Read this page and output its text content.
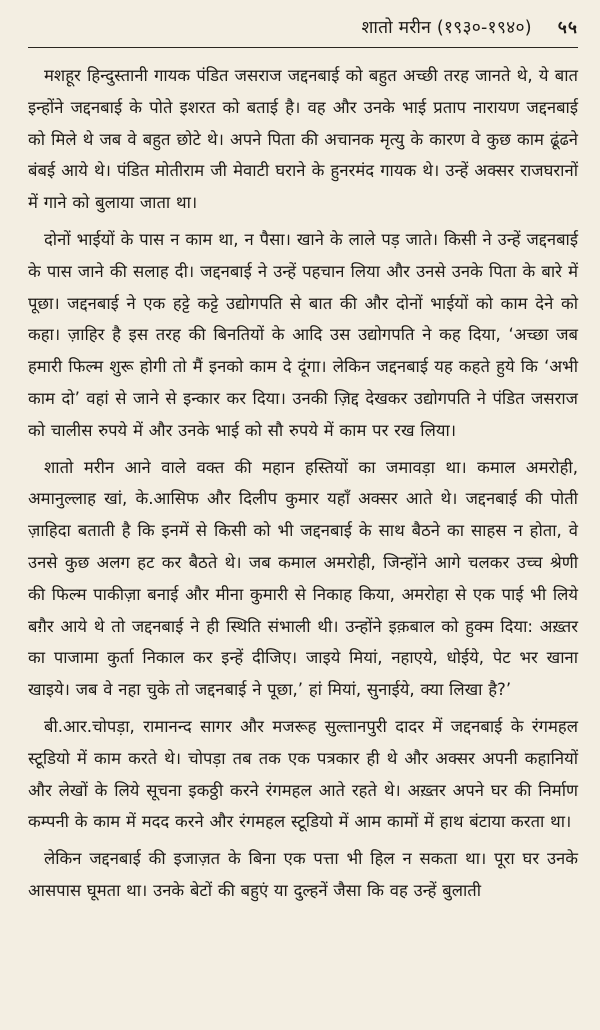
शातो मरीन (१९३०-१९४०) ५५

मशहूर हिन्दुस्तानी गायक पंडित जसराज जद्दनबाई को बहुत अच्छी तरह जानते थे, ये बात इन्होंने जद्दनबाई के पोते इशरत को बताई है। वह और उनके भाई प्रताप नारायण जद्दनबाई को मिले थे जब वे बहुत छोटे थे। अपने पिता की अचानक मृत्यु के कारण वे कुछ काम ढूंढने बंबई आये थे। पंडित मोतीराम जी मेवाटी घराने के हुनरमंद गायक थे। उन्हें अक्सर राजघरानों में गाने को बुलाया जाता था।

दोनों भाईयों के पास न काम था, न पैसा। खाने के लाले पड़ जाते। किसी ने उन्हें जद्दनबाई के पास जाने की सलाह दी। जद्दनबाई ने उन्हें पहचान लिया और उनसे उनके पिता के बारे में पूछा। जद्दनबाई ने एक हट्टे कट्टे उद्योगपति से बात की और दोनों भाईयों को काम देने को कहा। ज़ाहिर है इस तरह की बिनतियों के आदि उस उद्योगपति ने कह दिया, ‘अच्छा जब हमारी फिल्म शुरू होगी तो मैं इनको काम दे दूंगा। लेकिन जद्दनबाई यह कहते हुये कि ‘अभी काम दो’ वहां से जाने से इन्कार कर दिया। उनकी ज़िद्द देखकर उद्योगपति ने पंडित जसराज को चालीस रुपये में और उनके भाई को सौ रुपये में काम पर रख लिया।

शातो मरीन आने वाले वक्त की महान हस्तियों का जमावड़ा था। कमाल अमरोही, अमानुल्लाह खां, के.आसिफ और दिलीप कुमार यहाँ अक्सर आते थे। जद्दनबाई की पोती ज़ाहिदा बताती है कि इनमें से किसी को भी जद्दनबाई के साथ बैठने का साहस न होता, वे उनसे कुछ अलग हट कर बैठते थे। जब कमाल अमरोही, जिन्होंने आगे चलकर उच्च श्रेणी की फिल्म पाकीज़ा बनाई और मीना कुमारी से निकाह किया, अमरोहा से एक पाई भी लिये बग़ैर आये थे तो जद्दनबाई ने ही स्थिति संभाली थी। उन्होंने इक़बाल को हुक्म दिया: अख़्तर का पाजामा कुर्ता निकाल कर इन्हें दीजिए। जाइये मियां, नहाएये, धोईये, पेट भर खाना खाइये। जब वे नहा चुके तो जद्दनबाई ने पूछा,’ हां मियां, सुनाईये, क्या लिखा है?’

बी.आर.चोपड़ा, रामानन्द सागर और मजरूह सुल्तानपुरी दादर में जद्दनबाई के रंगमहल स्टूडियो में काम करते थे। चोपड़ा तब तक एक पत्रकार ही थे और अक्सर अपनी कहानियों और लेखों के लिये सूचना इकठ्ठी करने रंगमहल आते रहते थे। अख़्तर अपने घर की निर्माण कम्पनी के काम में मदद करने और रंगमहल स्टूडियो में आम कामों में हाथ बंटाया करता था।

लेकिन जद्दनबाई की इजाज़त के बिना एक पत्ता भी हिल न सकता था। पूरा घर उनके आसपास घूमता था। उनके बेटों की बहुएं या दुल्हनें जैसा कि वह उन्हें बुलाती
